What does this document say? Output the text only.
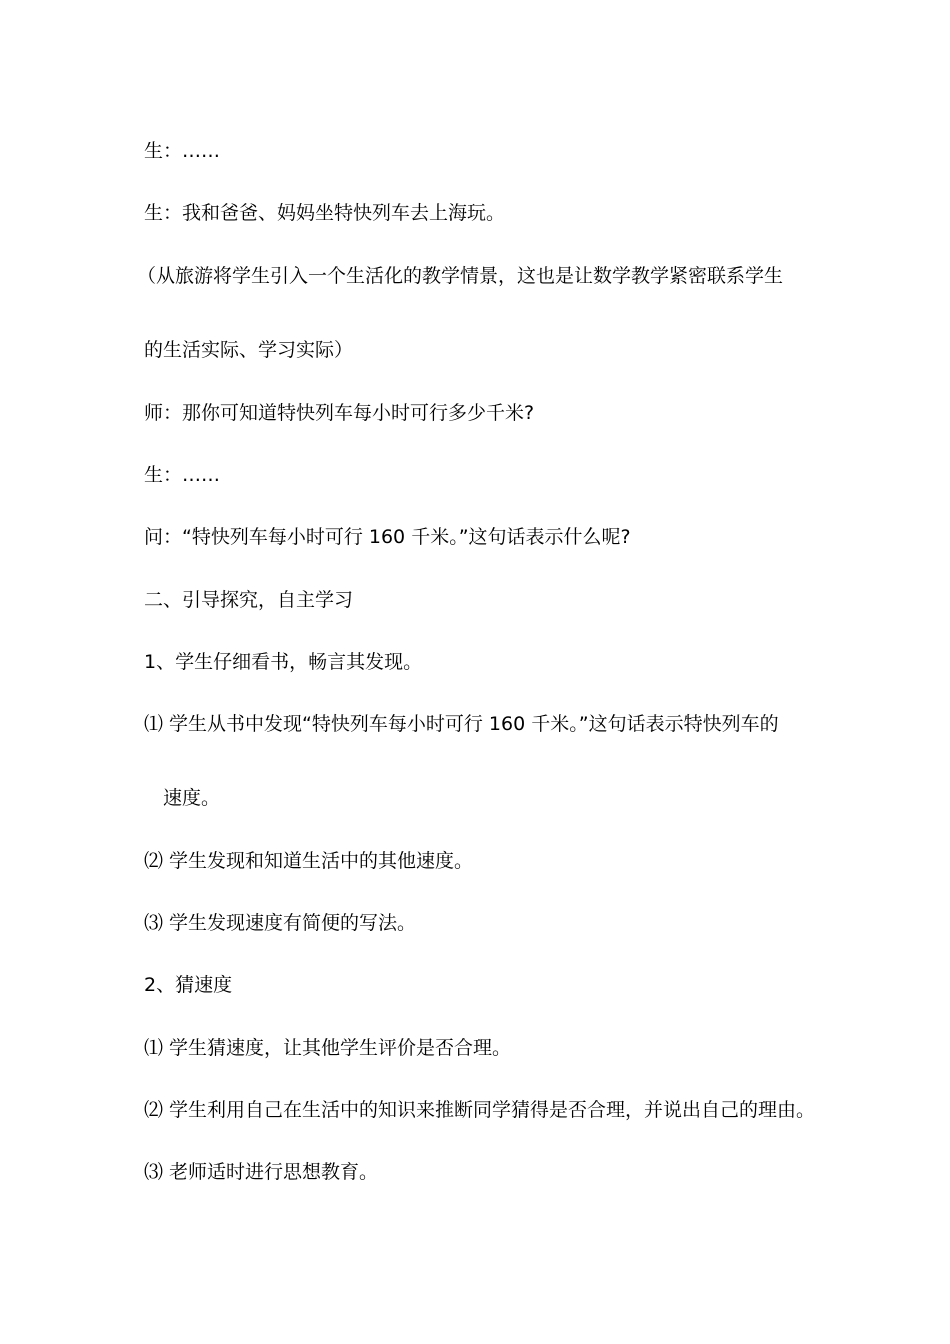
生：……

生：我和爸爸、妈妈坐特快列车去上海玩。

（从旅游将学生引入一个生活化的教学情景，这也是让数学教学紧密联系学生

的生活实际、学习实际）

师：那你可知道特快列车每小时可行多少千米?

生：……

问：“特快列车每小时可行 160 千米。”这句话表示什么呢?

二、引导探究，自主学习

1、学生仔细看书，畅言其发现。

⑴ 学生从书中发现“特快列车每小时可行 160 千米。”这句话表示特快列车的

速度。

⑵ 学生发现和知道生活中的其他速度。

⑶ 学生发现速度有简便的写法。

2、猜速度

⑴ 学生猜速度，让其他学生评价是否合理。

⑵ 学生利用自己在生活中的知识来推断同学猜得是否合理，并说出自己的理由。

⑶ 老师适时进行思想教育。
